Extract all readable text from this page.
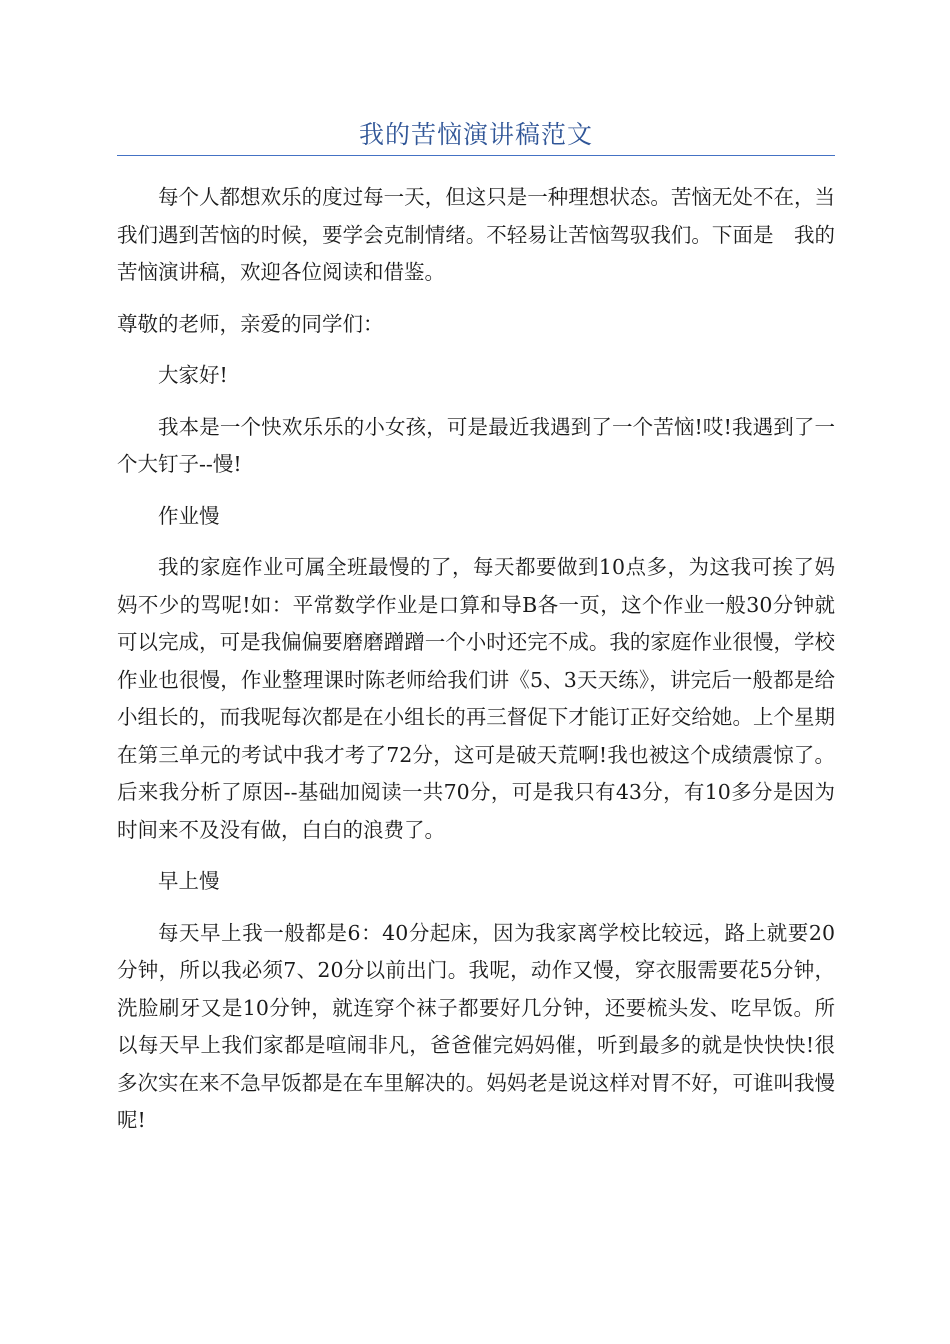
我的苦恼演讲稿范文

每个人都想欢乐的度过每一天，但这只是一种理想状态。苦恼无处不在，当我们遇到苦恼的时候，要学会克制情绪。不轻易让苦恼驾驭我们。下面是　我的苦恼演讲稿，欢迎各位阅读和借鉴。

尊敬的老师，亲爱的同学们：

大家好!

我本是一个快欢乐乐的小女孩，可是最近我遇到了一个苦恼!哎!我遇到了一个大钉子--慢!

作业慢

我的家庭作业可属全班最慢的了，每天都要做到10点多，为这我可挨了妈妈不少的骂呢!如：平常数学作业是口算和导B各一页，这个作业一般30分钟就可以完成，可是我偏偏要磨磨蹭蹭一个小时还完不成。我的家庭作业很慢，学校作业也很慢，作业整理课时陈老师给我们讲《5、3天天练》，讲完后一般都是给小组长的，而我呢每次都是在小组长的再三督促下才能订正好交给她。上个星期在第三单元的考试中我才考了72分，这可是破天荒啊!我也被这个成绩震惊了。后来我分析了原因--基础加阅读一共70分，可是我只有43分，有10多分是因为时间来不及没有做，白白的浪费了。

早上慢

每天早上我一般都是6：40分起床，因为我家离学校比较远，路上就要20分钟，所以我必须7、20分以前出门。我呢，动作又慢，穿衣服需要花5分钟，洗脸刷牙又是10分钟，就连穿个袜子都要好几分钟，还要梳头发、吃早饭。所以每天早上我们家都是喧闹非凡，爸爸催完妈妈催，听到最多的就是快快快!很多次实在来不急早饭都是在车里解决的。妈妈老是说这样对胃不好，可谁叫我慢呢!
